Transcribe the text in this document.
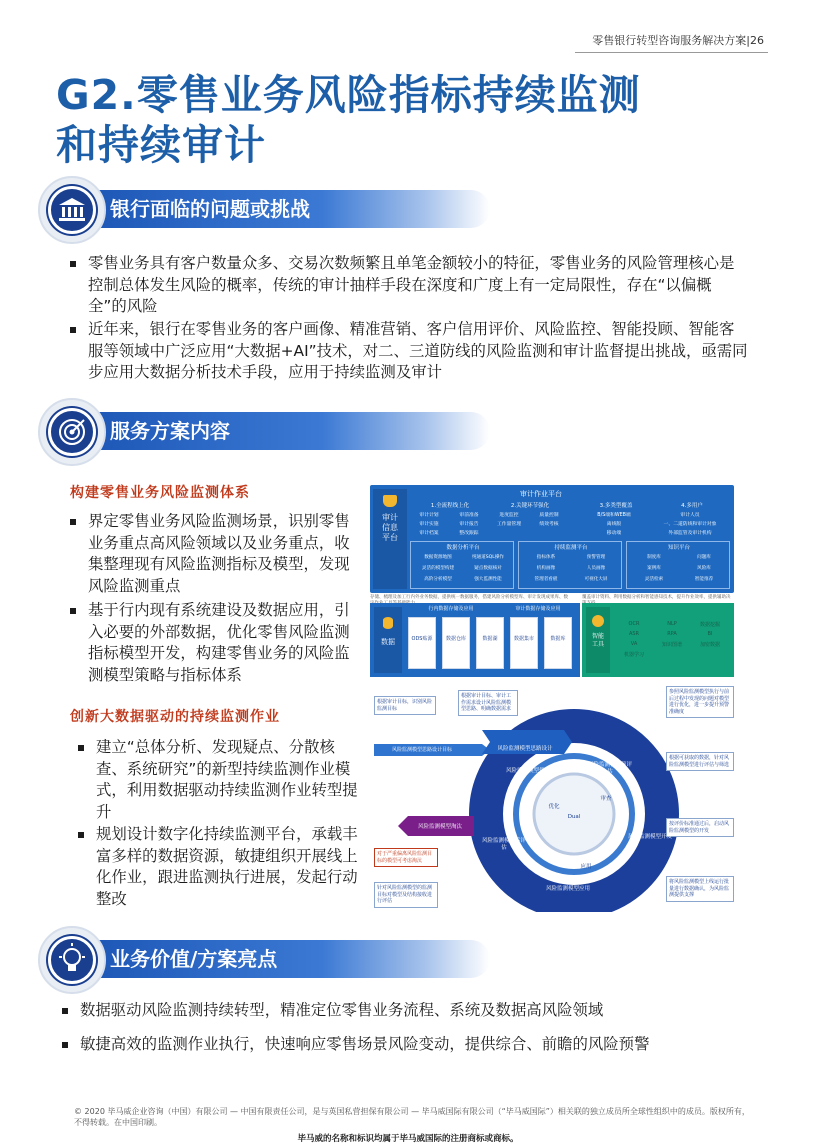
零售银行转型咨询服务解决方案|26
G2.零售业务风险指标持续监测
和持续审计
银行面临的问题或挑战
零售业务具有客户数量众多、交易次数频繁且单笔金额较小的特征，零售业务的风险管理核心是控制总体发生风险的概率，传统的审计抽样手段在深度和广度上有一定局限性，存在“以偏概全”的风险
近年来，银行在零售业务的客户画像、精准营销、客户信用评价、风险监控、智能投顾、智能客服等领域中广泛应用“大数据+AI”技术，对二、三道防线的风险监测和审计监督提出挑战，亟需同步应用大数据分析技术手段，应用于持续监测及审计
服务方案内容
构建零售业务风险监测体系
界定零售业务风险监测场景，识别零售业务重点高风险领域以及业务重点，收集整理现有风险监测指标及模型，发现风险监测重点
基于行内现有系统建设及数据应用，引入必要的外部数据，优化零售风险监测指标模型开发，构建零售业务的风险监测模型策略与指标体系
创新大数据驱动的持续监测作业
建立“总体分析、发现疑点、分散核查、系统研究”的新型持续监测作业模式，利用数据驱动持续监测作业转型提升
规划设计数字化持续监测平台，承载丰富多样的数据资源，敏捷组织开展线上化作业，跟进监测执行进展，发起行动整改
审计信息平台
审计作业平台
1.全流程线上化
审计计划	审前准备
审计实施	审计报告
审计档案	整改跟踪
2.关键环节强化
进度监控	质量控制
工作量管理	绩效考核
3.多类型覆盖
B/S端和WEB端
离线版
移动端
4.多用户
审计人员
一、二道防线和审计对象
外部监管及审计机构
数据分析平台
数据资源地图	纯通道SQL操作
灵活的模型构建	疑点数据核对
高阶分析模型	强大监测性能
持续监测平台
指标体系	预警管理
机构画像	人员画像
管理者看板	可视化大屏
知识平台
制度库	问题库
案例库	风险库
灵活检索	智能推荐
存储、梳理及加工行内外业务数据，提供统一数据服务，搭建风险分析模型库、审计发现成果库、数	覆盖审计资料、利用数据分析和智能感知技术，提升作业效率，提供辅助决
数据
行内数据存储及应用	审计数据存储及应用
ODS贴源	数据仓库	数据湖	数据集市	数据库	智能工具
OCR
ASR
VA
NLP
RPA
知识图谱
数据挖掘
BI
加密数据
机器学习
根据审计目标，识别风险监测目标
根据审计目标、审计工作需求设计风险监测模型思路、明确数据需求
参照风险监测模型执行与前后过程中发现的问题对模型进行优化，进一步提升预警准确度
根据可获取的数据，针对风险监测模型进行评估与筛选
按评价标准通过后，启动风险监测模型的开发
将风险监测模型上线运行批量进行数据确认，为风险监测提供支撑
对于严重偏离风险监测目标的模型可考虑淘汰
针对风险监测模型的监测目标对模型及结构接收进行评估
风险监测模型思路设计目标	风险监测模型思路设计
风险监测模型淘汰
风险监测模型优化
风险监测模型预评估
风险监测模型开发
风险监测模型应用
风险监测模型后评估
优化
审查
应用
Dual
业务价值/方案亮点
数据驱动风险监测持续转型，精准定位零售业务流程、系统及数据高风险领域
敏捷高效的监测作业执行，快速响应零售场景风险变动，提供综合、前瞻的风险预警
© 2020 毕马威企业咨询（中国）有限公司 — 中国有限责任公司，是与英国私营担保有限公司 — 毕马威国际有限公司（“毕马威国际”）相关联的独立成员所全球性组织中的成员。版权所有，不得转载。在中国印刷。
毕马威的名称和标识均属于毕马威国际的注册商标或商标。
